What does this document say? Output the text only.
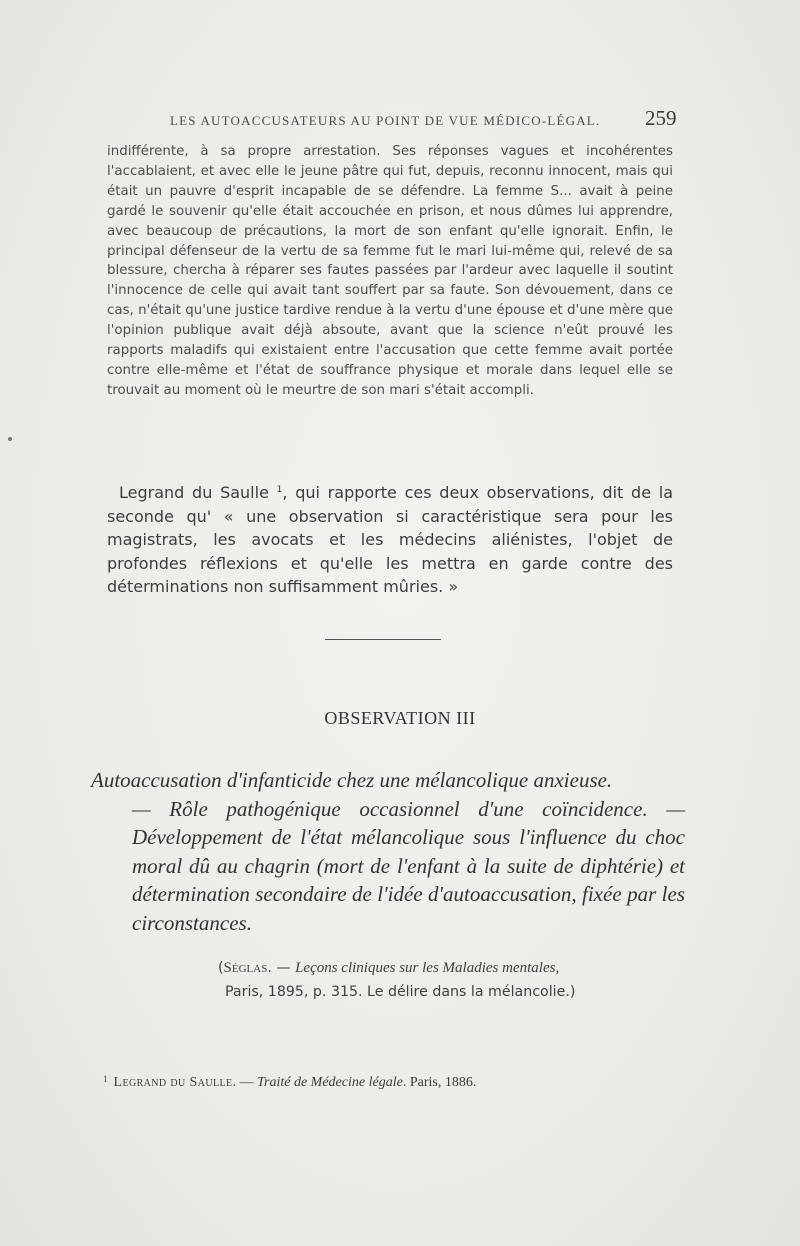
LES AUTOACCUSATEURS AU POINT DE VUE MÉDICO-LÉGAL.	259

indifférente, à sa propre arrestation. Ses réponses vagues et incohérentes l'accablaient, et avec elle le jeune pâtre qui fut, depuis, reconnu innocent, mais qui était un pauvre d'esprit incapable de se défendre. La femme S... avait à peine gardé le souvenir qu'elle était accouchée en prison, et nous dûmes lui apprendre, avec beaucoup de précautions, la mort de son enfant qu'elle ignorait. Enfin, le principal défenseur de la vertu de sa femme fut le mari lui-même qui, relevé de sa blessure, chercha à réparer ses fautes passées par l'ardeur avec laquelle il soutint l'innocence de celle qui avait tant souffert par sa faute. Son dévouement, dans ce cas, n'était qu'une justice tardive rendue à la vertu d'une épouse et d'une mère que l'opinion publique avait déjà absoute, avant que la science n'eût prouvé les rapports maladifs qui existaient entre l'accusation que cette femme avait portée contre elle-même et l'état de souffrance physique et morale dans lequel elle se trouvait au moment où le meurtre de son mari s'était accompli.

Legrand du Saulle $^1$, qui rapporte ces deux observations, dit de la seconde qu' « une observation si caractéristique sera pour les magistrats, les avocats et les médecins aliénistes, l'objet de profondes réflexions et qu'elle les mettra en garde contre des déterminations non suffisamment mûries. »

OBSERVATION III
Autoaccusation d'infanticide chez une mélancolique anxieuse.
— Rôle pathogénique occasionnel d'une coïncidence. — Développement de l'état mélancolique sous l'influence du choc moral dû au chagrin (mort de l'enfant à la suite de diphtérie) et détermination secondaire de l'idée d'autoaccusation, fixée par les circonstances.
(Séglas. — Leçons cliniques sur les Maladies mentales,
Paris, 1895, p. 315. Le délire dans la mélancolie.)
$^1$ Legrand du Saulle. — Traité de Médecine légale. Paris, 1886.
